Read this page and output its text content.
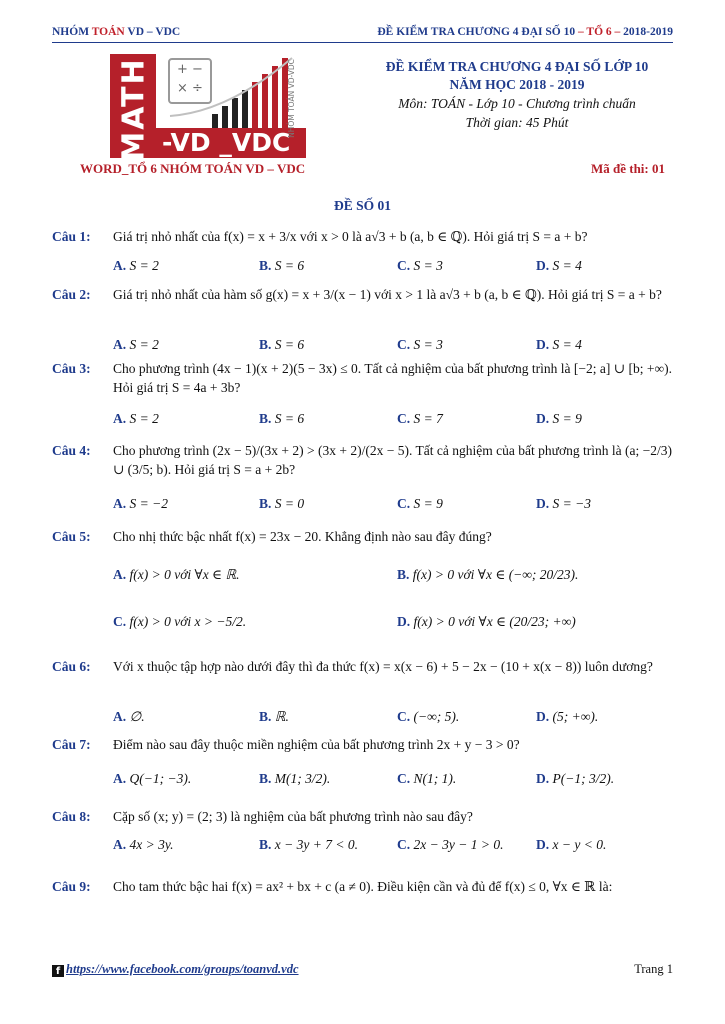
NHÓM TOÁN VD – VDC	ĐỀ KIỂM TRA CHƯƠNG 4 ĐẠI SỐ 10 – TỔ 6 – 2018-2019
MATH	+ −
× ÷
-VD _VDC
NHÓM TOÁN VD-VDC	ĐỀ KIỂM TRA CHƯƠNG 4 ĐẠI SỐ LỚP 10
NĂM HỌC 2018 - 2019
Môn: TOÁN - Lớp 10 - Chương trình chuẩn
Thời gian: 45 Phút
WORD_TỔ 6 NHÓM TOÁN VD – VDC	Mã đề thi: 01
ĐỀ SỐ 01
Câu 1: Giá trị nhỏ nhất của f(x) = x + 3/x với x > 0 là a√3 + b (a, b ∈ ℚ). Hỏi giá trị S = a + b?
A. S = 2	B. S = 6	C. S = 3	D. S = 4
Câu 2: Giá trị nhỏ nhất của hàm số g(x) = x + 3/(x − 1) với x > 1 là a√3 + b (a, b ∈ ℚ). Hỏi giá trị S = a + b?
A. S = 2	B. S = 6	C. S = 3	D. S = 4
Câu 3: Cho phương trình (4x − 1)(x + 2)(5 − 3x) ≤ 0. Tất cả nghiệm của bất phương trình là [−2; a] ∪ [b; +∞). Hỏi giá trị S = 4a + 3b?
A. S = 2	B. S = 6	C. S = 7	D. S = 9
Câu 4: Cho phương trình (2x − 5)/(3x + 2) > (3x + 2)/(2x − 5). Tất cả nghiệm của bất phương trình là (a; −2/3) ∪ (3/5; b). Hỏi giá trị S = a + 2b?
A. S = −2	B. S = 0	C. S = 9	D. S = −3
Câu 5: Cho nhị thức bậc nhất f(x) = 23x − 20. Khẳng định nào sau đây đúng?
A. f(x) > 0 với ∀x ∈ ℝ.	B. f(x) > 0 với ∀x ∈ (−∞; 20/23).
C. f(x) > 0 với x > −5/2.	D. f(x) > 0 với ∀x ∈ (20/23; +∞)
Câu 6: Với x thuộc tập hợp nào dưới đây thì đa thức f(x) = x(x − 6) + 5 − 2x − (10 + x(x − 8)) luôn dương?
A. ∅.	B. ℝ.	C. (−∞; 5).	D. (5; +∞).
Câu 7: Điểm nào sau đây thuộc miền nghiệm của bất phương trình 2x + y − 3 > 0?
A. Q(−1; −3).	B. M(1; 3/2).	C. N(1; 1).	D. P(−1; 3/2).
Câu 8: Cặp số (x; y) = (2; 3) là nghiệm của bất phương trình nào sau đây?
A. 4x > 3y.	B. x − 3y + 7 < 0.	C. 2x − 3y − 1 > 0. D. x − y < 0.
Câu 9: Cho tam thức bậc hai f(x) = ax² + bx + c (a ≠ 0). Điều kiện cần và đủ để f(x) ≤ 0, ∀x ∈ ℝ là:
f https://www.facebook.com/groups/toanvd.vdc	Trang 1
